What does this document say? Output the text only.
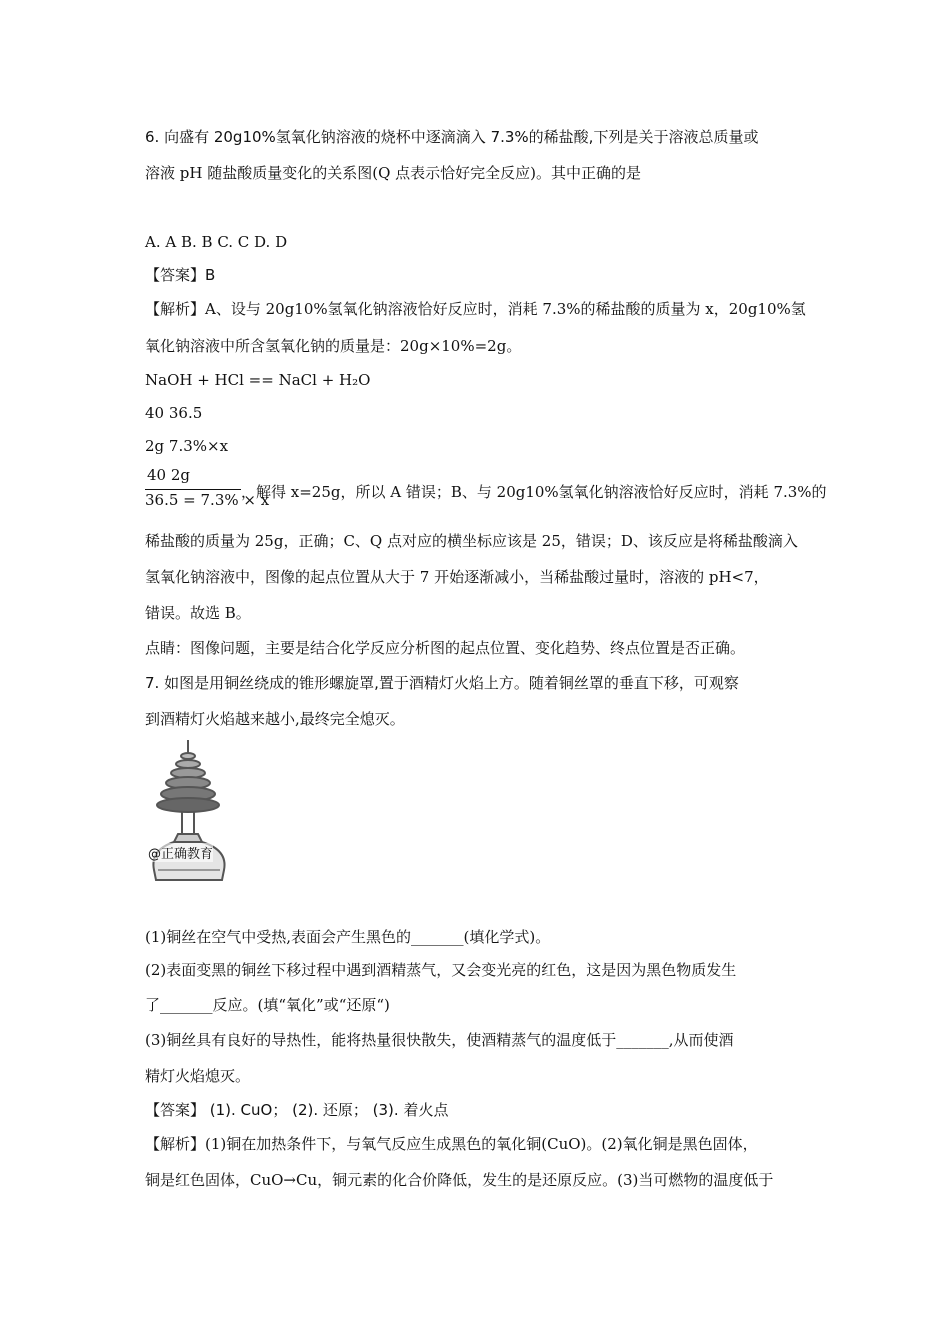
6. 向盛有 20g10%氢氧化钠溶液的烧杯中逐滴滴入 7.3%的稀盐酸,下列是关于溶液总质量或
溶液 pH 随盐酸质量变化的关系图(Q 点表示恰好完全反应)。其中正确的是
A. A B. B C. C D. D
【答案】B
【解析】A、设与 20g10%氢氧化钠溶液恰好反应时，消耗 7.3%的稀盐酸的质量为 x，20g10%氢
氧化钠溶液中所含氢氧化钠的质量是：20g×10%=2g。
NaOH + HCl == NaCl + H₂O
40 36.5
2g 7.3%×x
40 2g
36.5 = 7.3% × x
，解得 x=25g，所以 A 错误；B、与 20g10%氢氧化钠溶液恰好反应时，消耗 7.3%的
稀盐酸的质量为 25g，正确；C、Q 点对应的横坐标应该是 25，错误；D、该反应是将稀盐酸滴入
氢氧化钠溶液中，图像的起点位置从大于 7 开始逐渐减小，当稀盐酸过量时，溶液的 pH<7，
错误。故选 B。
点睛：图像问题，主要是结合化学反应分析图的起点位置、变化趋势、终点位置是否正确。
7. 如图是用铜丝绕成的锥形螺旋罩,置于酒精灯火焰上方。随着铜丝罩的垂直下移，可观察
到酒精灯火焰越来越小,最终完全熄灭。
@正确教育
(1)铜丝在空气中受热,表面会产生黑色的_______(填化学式)。
(2)表面变黑的铜丝下移过程中遇到酒精蒸气，又会变光亮的红色，这是因为黑色物质发生
了_______反应。(填“氧化”或“还原“)
(3)铜丝具有良好的导热性，能将热量很快散失，使酒精蒸气的温度低于_______,从而使酒
精灯火焰熄灭。
【答案】 (1). CuO； (2). 还原； (3). 着火点
【解析】(1)铜在加热条件下，与氧气反应生成黑色的氧化铜(CuO)。(2)氧化铜是黑色固体，
铜是红色固体，CuO→Cu，铜元素的化合价降低，发生的是还原反应。(3)当可燃物的温度低于
